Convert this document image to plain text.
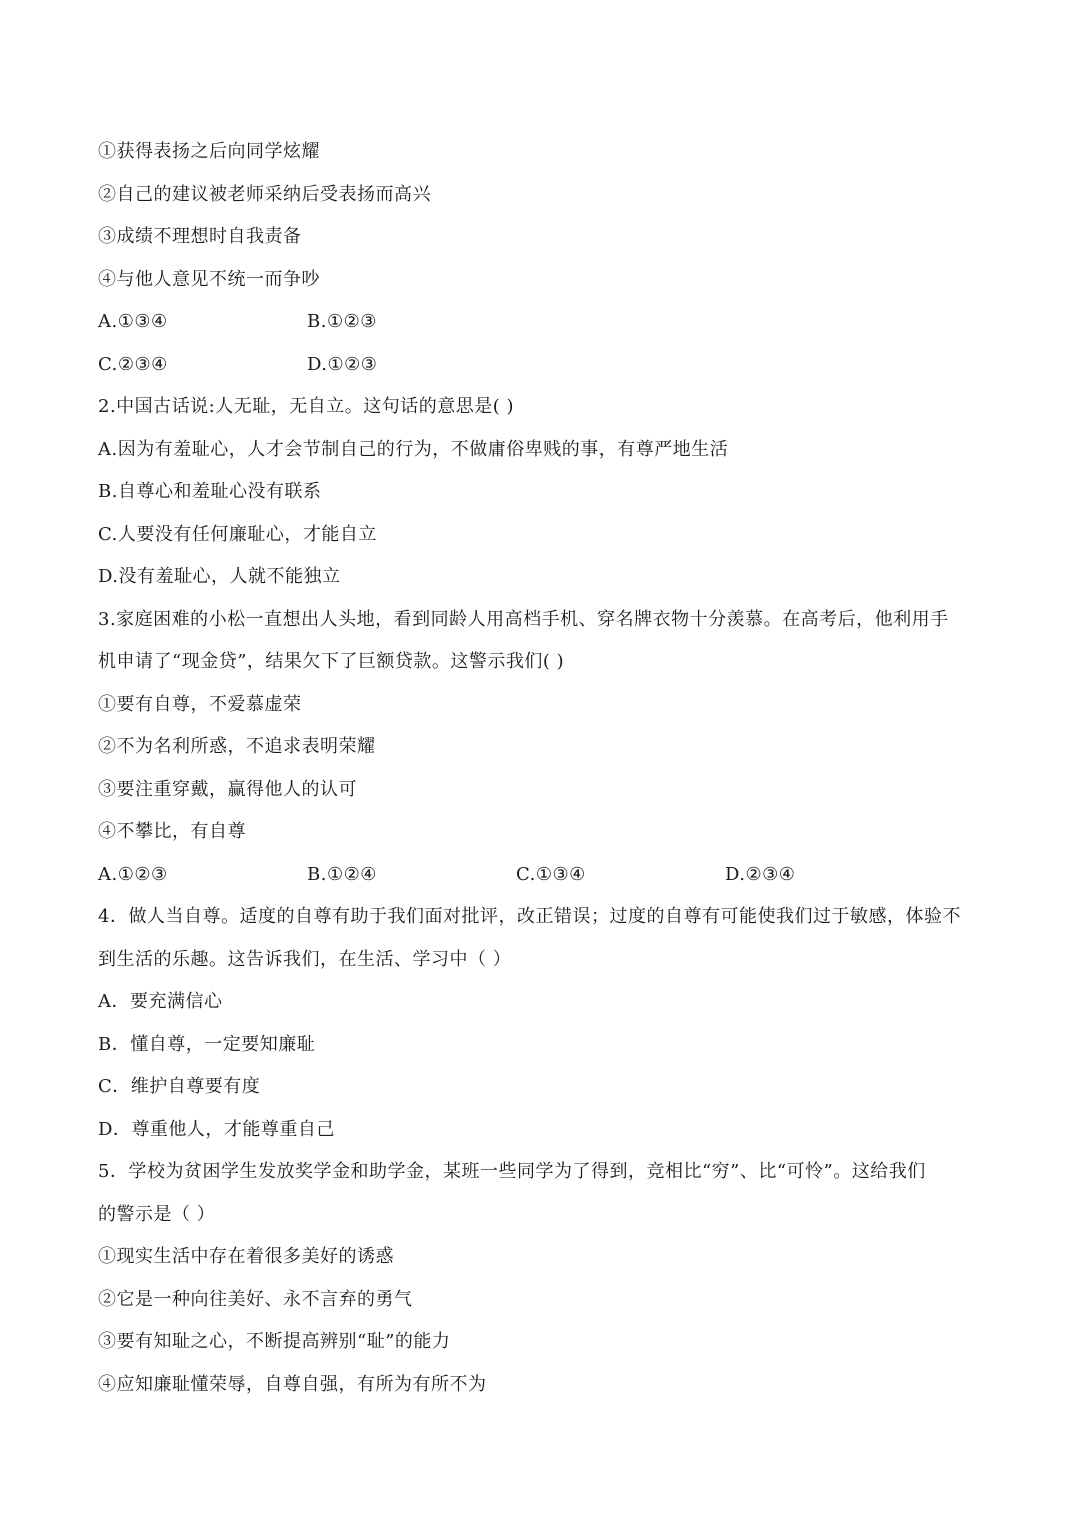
①获得表扬之后向同学炫耀
②自己的建议被老师采纳后受表扬而高兴
③成绩不理想时自我责备
④与他人意见不统一而争吵
A.①③④	B.①②③
C.②③④	D.①②③
2.中国古话说:人无耻，无自立。这句话的意思是( )
A.因为有羞耻心，人才会节制自己的行为，不做庸俗卑贱的事，有尊严地生活
B.自尊心和羞耻心没有联系
C.人要没有任何廉耻心，才能自立
D.没有羞耻心，人就不能独立
3.家庭困难的小松一直想出人头地，看到同龄人用高档手机、穿名牌衣物十分羡慕。在高考后，他利用手
机申请了“现金贷”，结果欠下了巨额贷款。这警示我们( )
①要有自尊，不爱慕虚荣
②不为名利所惑，不追求表明荣耀
③要注重穿戴，赢得他人的认可
④不攀比，有自尊
A.①②③	B.①②④	C.①③④	D.②③④
4．做人当自尊。适度的自尊有助于我们面对批评，改正错误；过度的自尊有可能使我们过于敏感，体验不
到生活的乐趣。这告诉我们，在生活、学习中（ ）
A．要充满信心
B．懂自尊，一定要知廉耻
C．维护自尊要有度
D．尊重他人，才能尊重自己
5．学校为贫困学生发放奖学金和助学金，某班一些同学为了得到，竞相比“穷”、比“可怜”。这给我们
的警示是（ ）
①现实生活中存在着很多美好的诱惑
②它是一种向往美好、永不言弃的勇气
③要有知耻之心，不断提高辨别“耻”的能力
④应知廉耻懂荣辱，自尊自强，有所为有所不为
